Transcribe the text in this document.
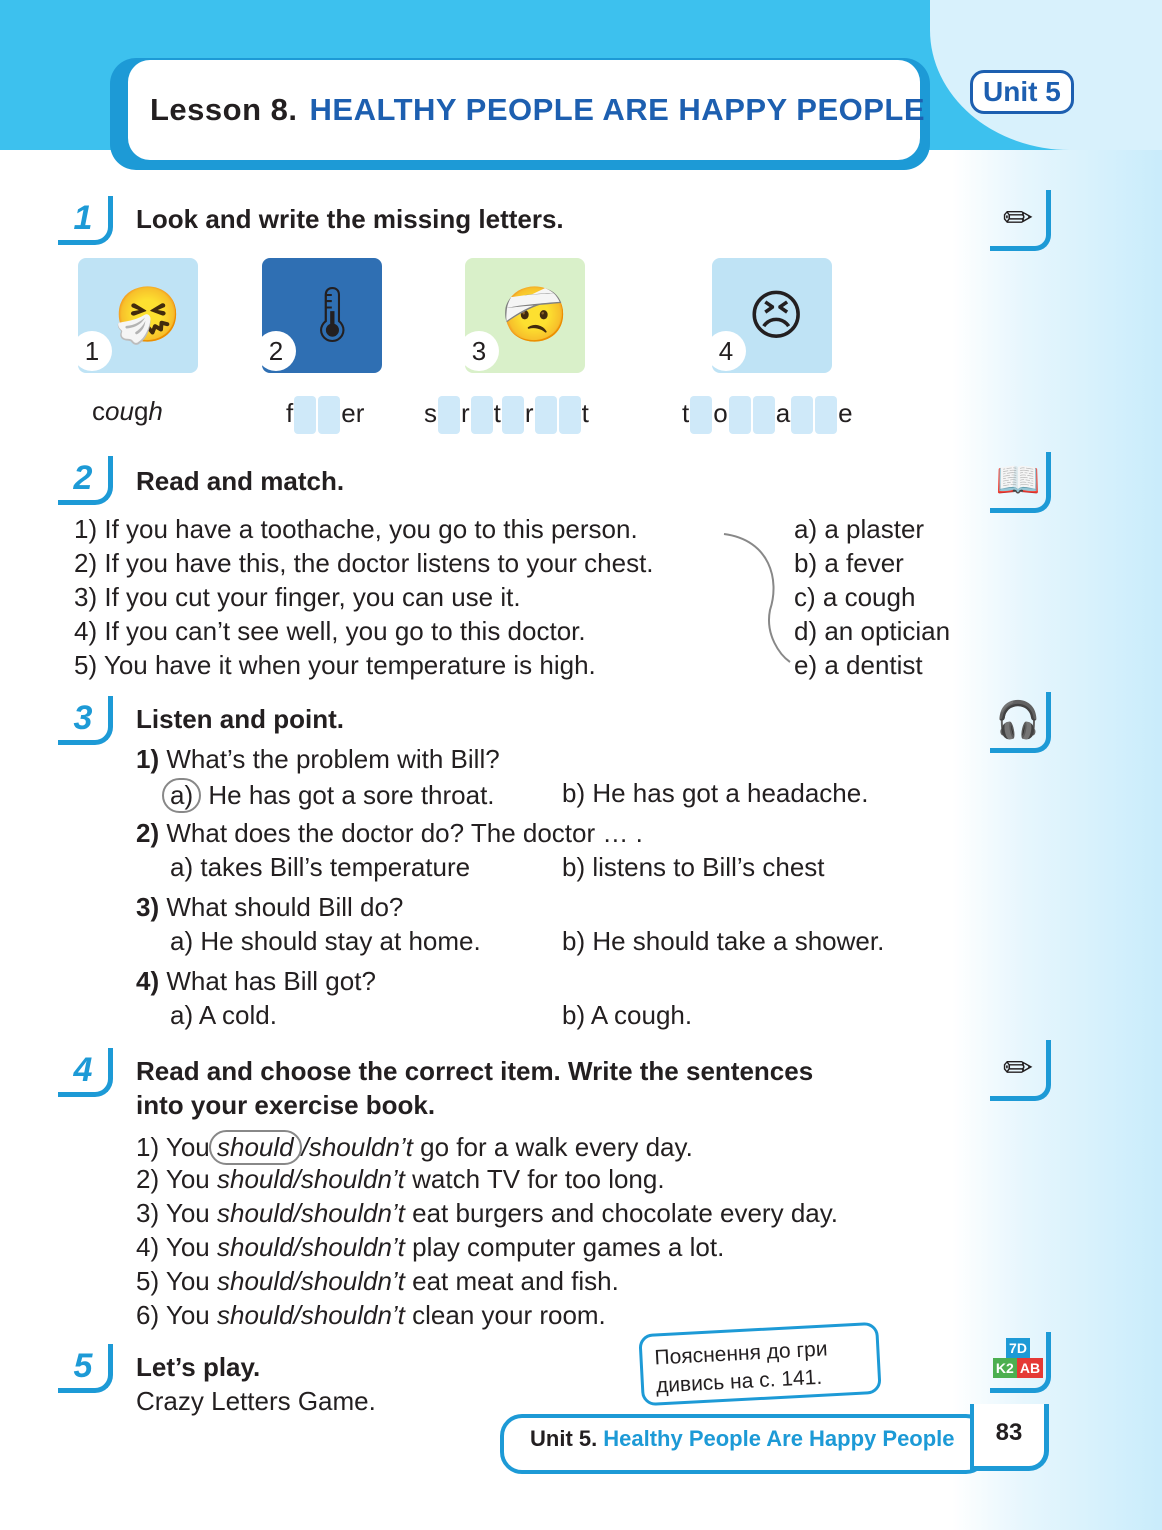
Lesson 8. HEALTHY PEOPLE ARE HAPPY PEOPLE
Unit 5
1	Look and write the missing letters.	✏
🤧
1
🌡
2
🤕
3
😣
4
cough	f er s r t r t	t o a e
2	Read and match.	📖
1) If you have a toothache, you go to this person.
2) If you have this, the doctor listens to your chest.
3) If you cut your finger, you can use it.
4) If you can’t see well, you go to this doctor.
5) You have it when your temperature is high.
a) a plaster
b) a fever
c) a cough
d) an optician
e) a dentist
3	Listen and point.	🎧
1) What’s the problem with Bill?
a) He has got a sore throat.	b) He has got a headache.
2) What does the doctor do? The doctor … .
a) takes Bill’s temperature	b) listens to Bill’s chest
3) What should Bill do?
a) He should stay at home.	b) He should take a shower.
4) What has Bill got?
a) A cold.	b) A cough.
4	Read and choose the correct item. Write the sentences
into your exercise book.
✏
1) You should /shouldn’t go for a walk every day.
2) You should/shouldn’t watch TV for too long.
3) You should/shouldn’t eat burgers and chocolate every day.
4) You should/shouldn’t play computer games a lot.
5) You should/shouldn’t eat meat and fish.
6) You should/shouldn’t clean your room.
5	Let’s play.
Crazy Letters Game.
7D
K2 AB
Пояснення до гри
дивись на с. 141.
Unit 5. Healthy People Are Happy People	83
